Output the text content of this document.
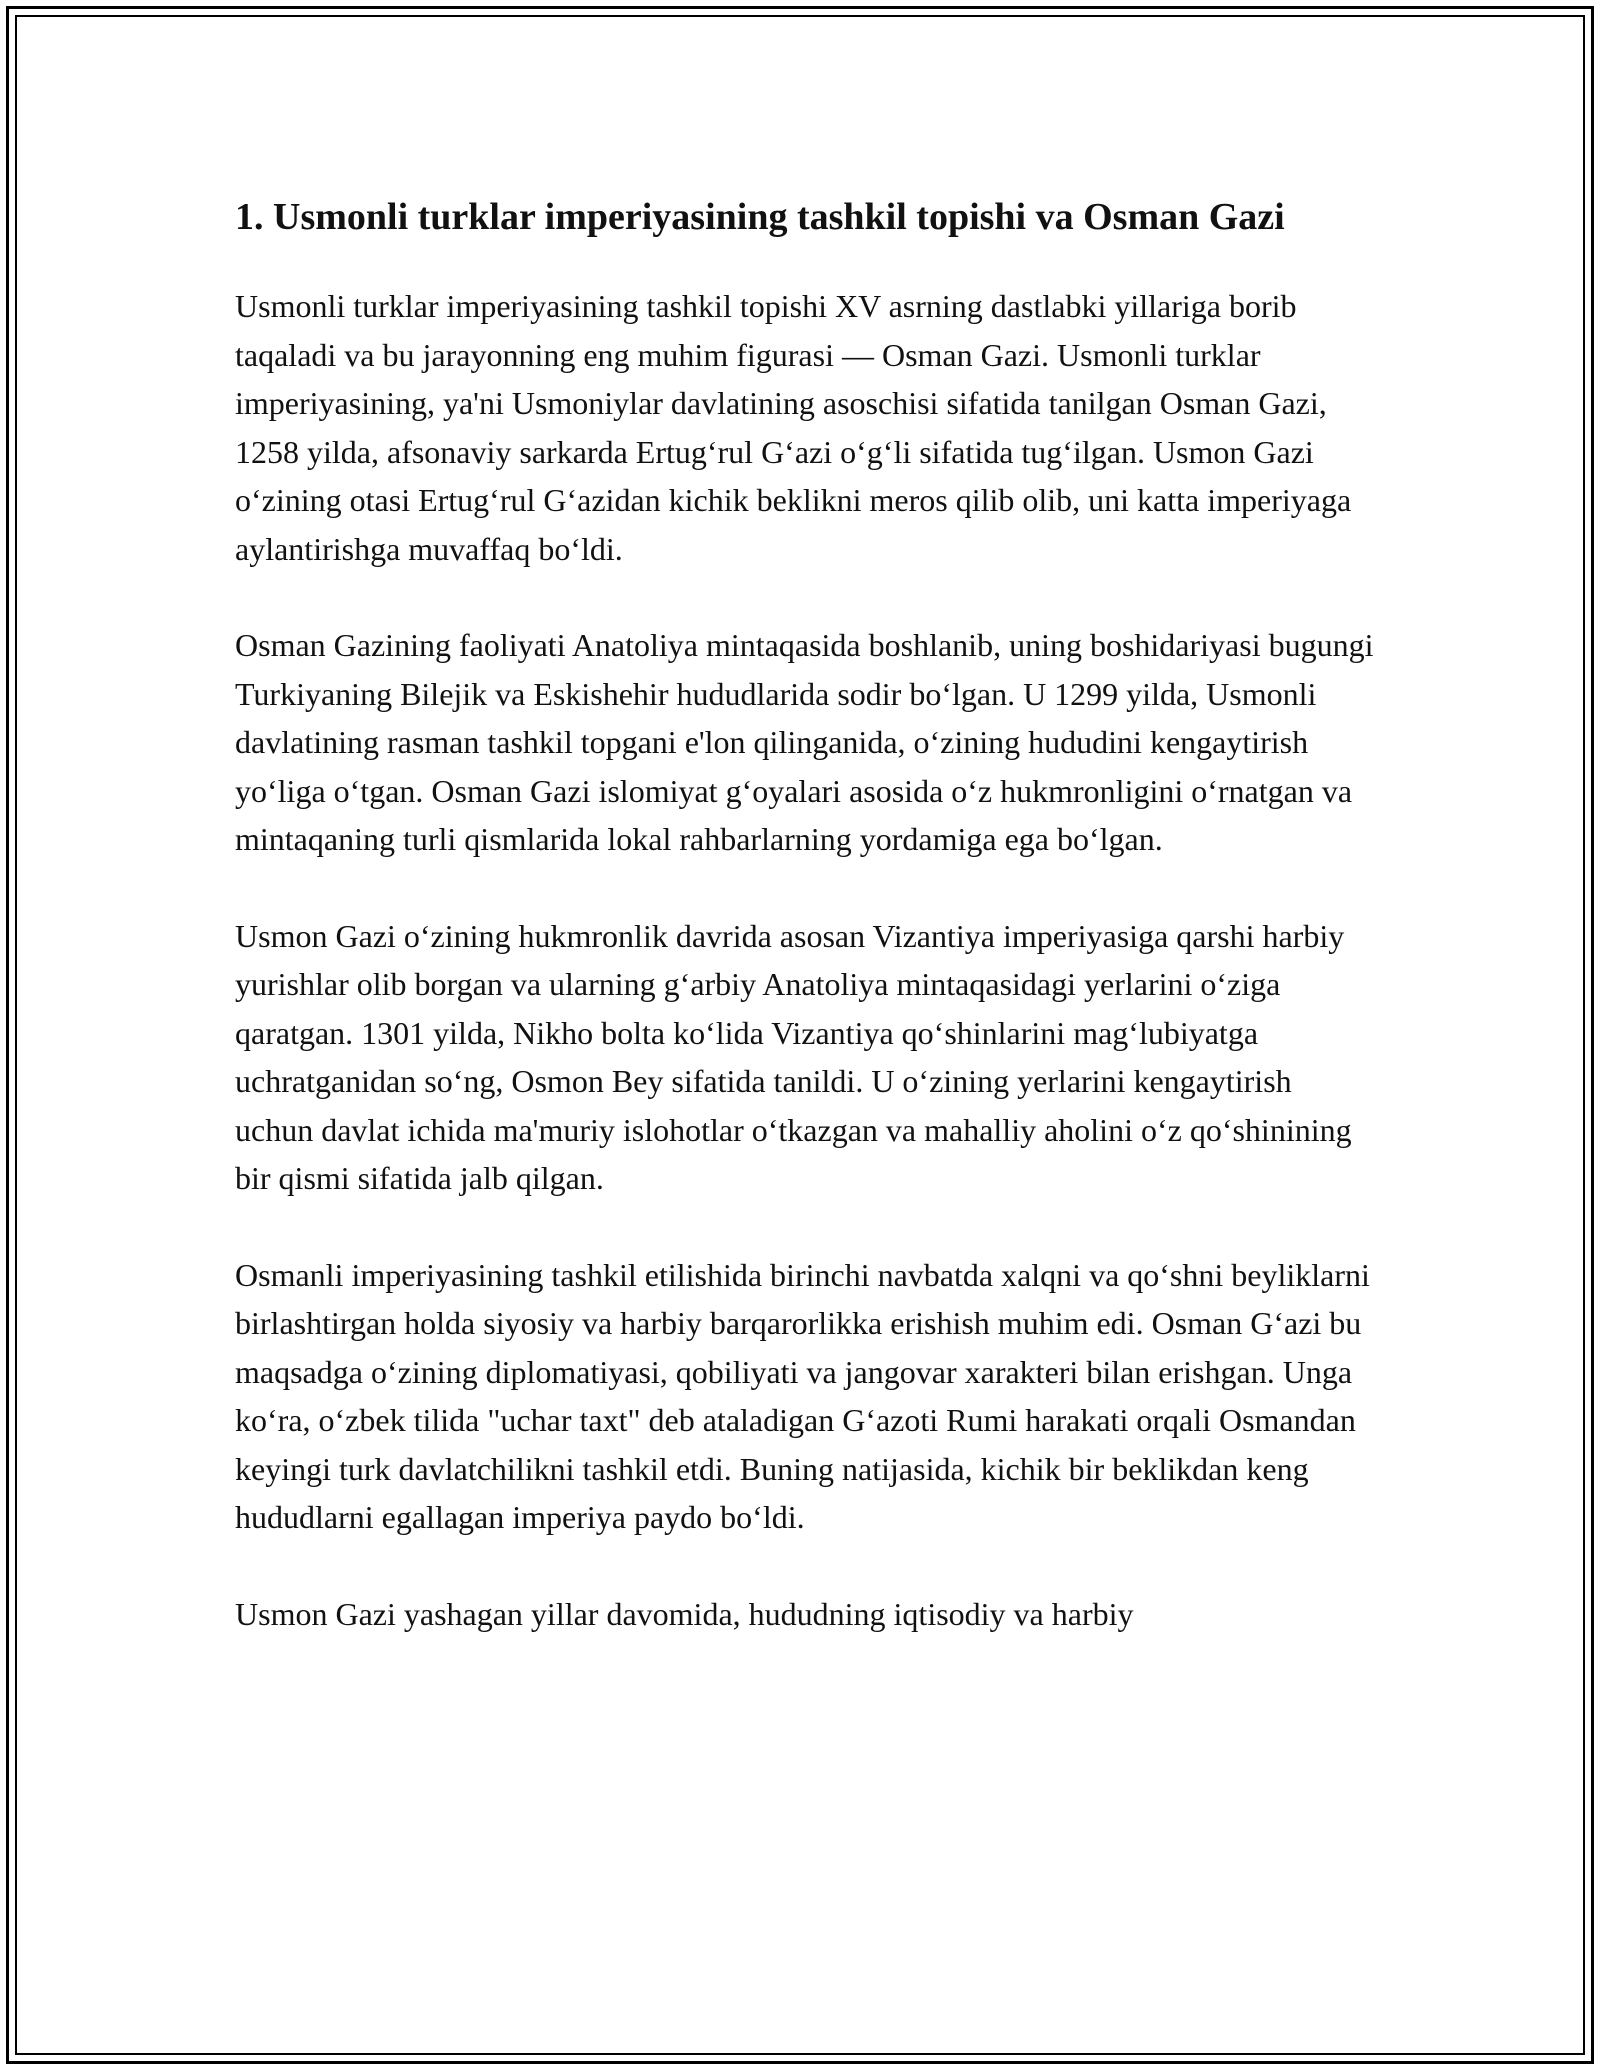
1. Usmonli turklar imperiyasining tashkil topishi va Osman Gazi

Usmonli turklar imperiyasining tashkil topishi XV asrning dastlabki yillariga borib taqaladi va bu jarayonning eng muhim figurasi — Osman Gazi. Usmonli turklar imperiyasining, ya'ni Usmoniylar davlatining asoschisi sifatida tanilgan Osman Gazi, 1258 yilda, afsonaviy sarkarda Ertugʻrul Gʻazi oʻgʻli sifatida tugʻilgan. Usmon Gazi oʻzining otasi Ertugʻrul Gʻazidan kichik beklikni meros qilib olib, uni katta imperiyaga aylantirishga muvaffaq boʻldi.

Osman Gazining faoliyati Anatoliya mintaqasida boshlanib, uning boshidariyasi bugungi Turkiyaning Bilejik va Eskishehir hududlarida sodir boʻlgan. U 1299 yilda, Usmonli davlatining rasman tashkil topgani e'lon qilinganida, oʻzining hududini kengaytirish yoʻliga oʻtgan. Osman Gazi islomiyat gʻoyalari asosida oʻz hukmronligini oʻrnatgan va mintaqaning turli qismlarida lokal rahbarlarning yordamiga ega boʻlgan.

Usmon Gazi oʻzining hukmronlik davrida asosan Vizantiya imperiyasiga qarshi harbiy yurishlar olib borgan va ularning gʻarbiy Anatoliya mintaqasidagi yerlarini oʻziga qaratgan. 1301 yilda, Nikho bolta koʻlida Vizantiya qoʻshinlarini magʻlubiyatga uchratganidan soʻng, Osmon Bey sifatida tanildi. U oʻzining yerlarini kengaytirish uchun davlat ichida ma'muriy islohotlar oʻtkazgan va mahalliy aholini oʻz qoʻshinining bir qismi sifatida jalb qilgan.

Osmanli imperiyasining tashkil etilishida birinchi navbatda xalqni va qoʻshni beyliklarni birlashtirgan holda siyosiy va harbiy barqarorlikka erishish muhim edi. Osman Gʻazi bu maqsadga oʻzining diplomatiyasi, qobiliyati va jangovar xarakteri bilan erishgan. Unga koʻra, oʻzbek tilida "uchar taxt" deb ataladigan Gʻazoti Rumi harakati orqali Osmandan keyingi turk davlatchilikni tashkil etdi. Buning natijasida, kichik bir beklikdan keng hududlarni egallagan imperiya paydo boʻldi.

Usmon Gazi yashagan yillar davomida, hududning iqtisodiy va harbiy
